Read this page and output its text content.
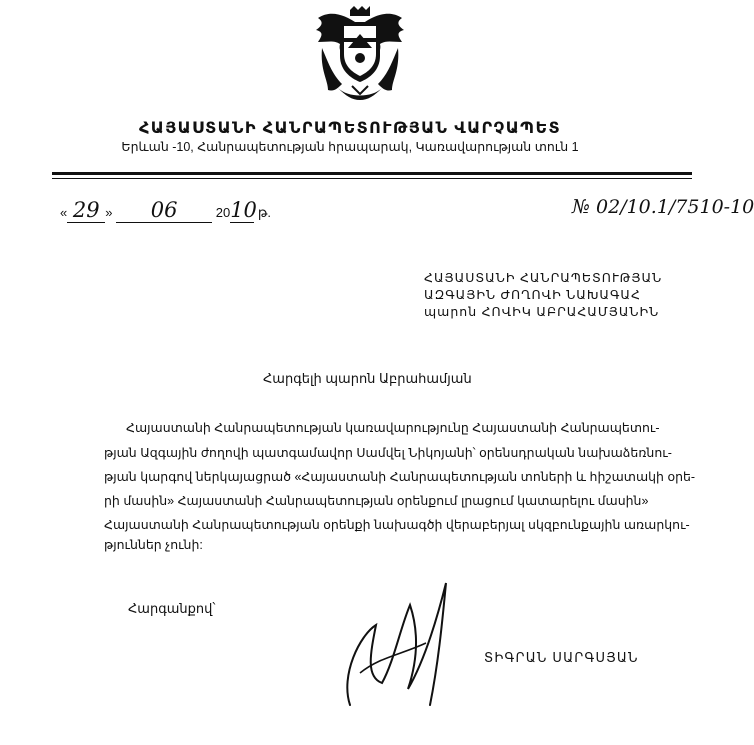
ՀԱՅԱՍՏԱՆԻ ՀԱՆՐԱՊԵՏՈՒԹՅԱՆ ՎԱՐՉԱՊԵՏ
Երևան -10, Հանրապետության հրապարակ, Կառավարության տուն 1
« 29 » 06	2010 թ.	№ 02/10.1/7510-10
ՀԱՅԱՍՏԱՆԻ ՀԱՆՐԱՊԵՏՈՒԹՅԱՆ
ԱԶԳԱՅԻՆ ԺՈՂՈՎԻ ՆԱԽԱԳԱՀ
պարոն ՀՈՎԻԿ ԱԲՐԱՀԱՄՅԱՆԻՆ
Հարգելի պարոն Աբրահամյան
Հայաստանի Հանրապետության կառավարությունը Հայաստանի Հանրապետու-
թյան Ազգային ժողովի պատգամավոր Սամվել Նիկոյանի՝ օրենսդրական նախաձեռնու-
թյան կարգով ներկայացրած «Հայաստանի Հանրապետության տոների և հիշատակի օրե-
րի մասին» Հայաստանի Հանրապետության օրենքում լրացում կատարելու մասին»
Հայաստանի Հանրապետության օրենքի նախագծի վերաբերյալ սկզբունքային առարկու-
թյուններ չունի:
Հարգանքով՝
ՏԻԳՐԱՆ ՍԱՐԳՍՅԱՆ
